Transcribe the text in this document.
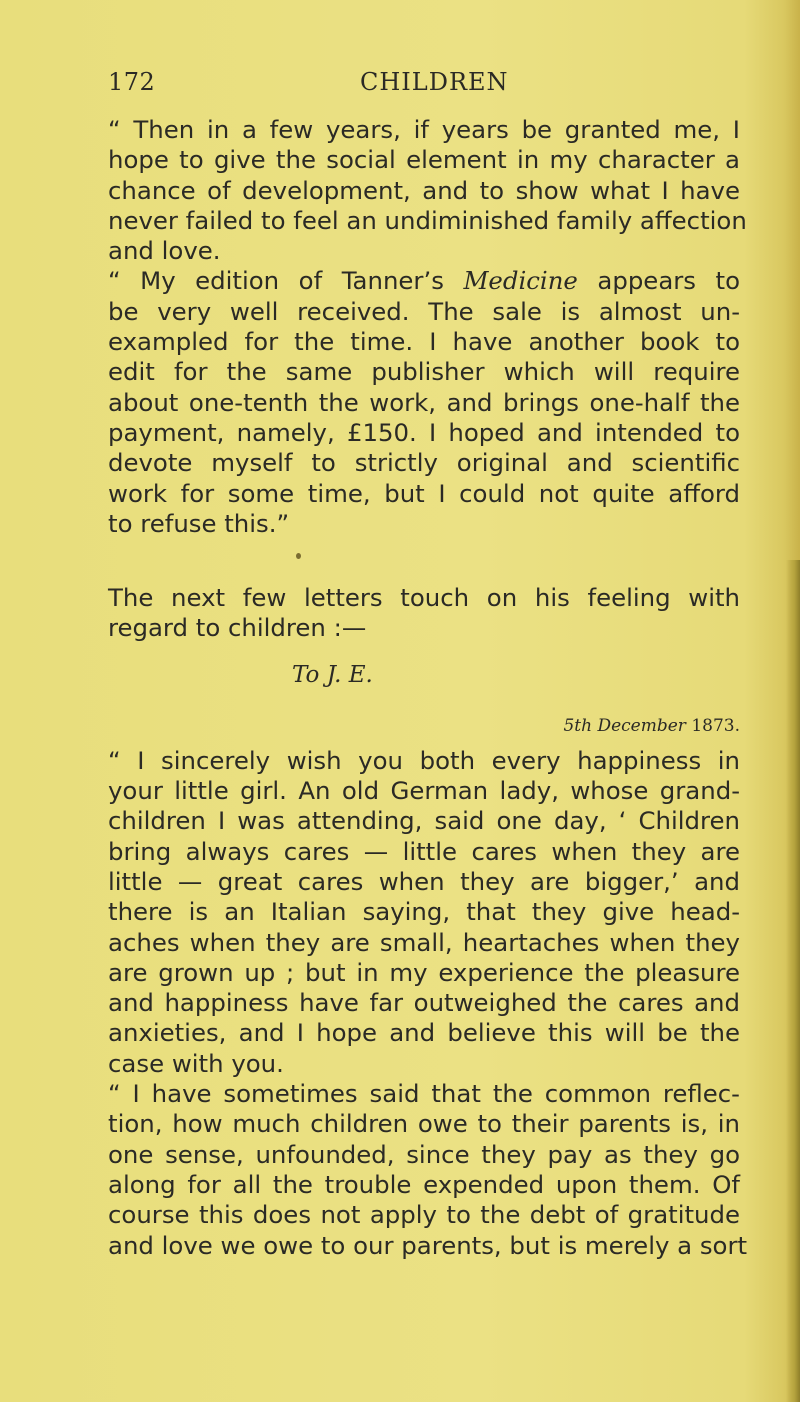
172	CHILDREN
“ Then in a few years, if years be granted me, I
hope to give the social element in my character a
chance of development, and to show what I have
never failed to feel an undiminished family affection
and love.
“ My edition of Tanner’s Medicine appears to
be very well received. The sale is almost un-
exampled for the time. I have another book to
edit for the same publisher which will require
about one-tenth the work, and brings one-half the
payment, namely, £150. I hoped and intended to
devote myself to strictly original and scientific
work for some time, but I could not quite afford
to refuse this.”
The next few letters touch on his feeling with
regard to children :—
To J. E.
5th December 1873.
“ I sincerely wish you both every happiness in
your little girl. An old German lady, whose grand-
children I was attending, said one day, ‘ Children
bring always cares — little cares when they are
little — great cares when they are bigger,’ and
there is an Italian saying, that they give head-
aches when they are small, heartaches when they
are grown up ; but in my experience the pleasure
and happiness have far outweighed the cares and
anxieties, and I hope and believe this will be the
case with you.
“ I have sometimes said that the common reflec-
tion, how much children owe to their parents is, in
one sense, unfounded, since they pay as they go
along for all the trouble expended upon them. Of
course this does not apply to the debt of gratitude
and love we owe to our parents, but is merely a sort
